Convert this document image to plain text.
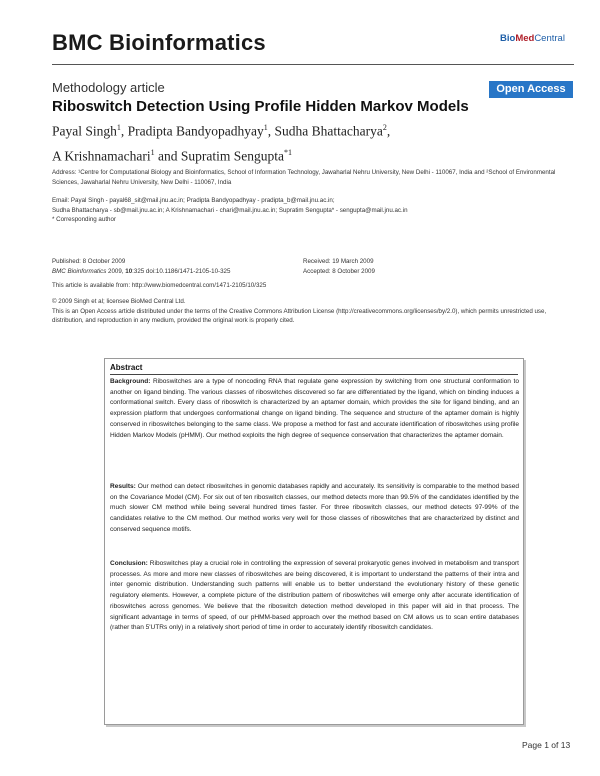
BMC Bioinformatics	BioMedCentral
Methodology article	Open Access
Riboswitch Detection Using Profile Hidden Markov Models
Payal Singh$^1$, Pradipta Bandyopadhyay$^1$, Sudha Bhattacharya$^2$,
A Krishnamachari$^1$ and Supratim Sengupta$^{*1}$
Address: ¹Centre for Computational Biology and Bioinformatics, School of Information Technology, Jawaharlal Nehru University, New Delhi - 110067, India and ²School of Environmental Sciences, Jawaharlal Nehru University, New Delhi - 110067, India
Email: Payal Singh - payal68_sit@mail.jnu.ac.in; Pradipta Bandyopadhyay - pradipta_b@mail.jnu.ac.in;
Sudha Bhattacharya - sb@mail.jnu.ac.in; A Krishnamachari - chari@mail.jnu.ac.in; Supratim Sengupta* - sengupta@mail.jnu.ac.in
* Corresponding author
Published: 8 October 2009
BMC Bioinformatics 2009, 10:325 doi:10.1186/1471-2105-10-325
Received: 19 March 2009
Accepted: 8 October 2009
This article is available from: http://www.biomedcentral.com/1471-2105/10/325
© 2009 Singh et al; licensee BioMed Central Ltd.
This is an Open Access article distributed under the terms of the Creative Commons Attribution License (http://creativecommons.org/licenses/by/2.0), which permits unrestricted use, distribution, and reproduction in any medium, provided the original work is properly cited.
Abstract
Background: Riboswitches are a type of noncoding RNA that regulate gene expression by switching from one structural conformation to another on ligand binding. The various classes of riboswitches discovered so far are differentiated by the ligand, which on binding induces a conformational switch. Every class of riboswitch is characterized by an aptamer domain, which provides the site for ligand binding, and an expression platform that undergoes conformational change on ligand binding. The sequence and structure of the aptamer domain is highly conserved in riboswitches belonging to the same class. We propose a method for fast and accurate identification of riboswitches using profile Hidden Markov Models (pHMM). Our method exploits the high degree of sequence conservation that characterizes the aptamer domain.
Results: Our method can detect riboswitches in genomic databases rapidly and accurately. Its sensitivity is comparable to the method based on the Covariance Model (CM). For six out of ten riboswitch classes, our method detects more than 99.5% of the candidates identified by the much slower CM method while being several hundred times faster. For three riboswitch classes, our method detects 97-99% of the candidates relative to the CM method. Our method works very well for those classes of riboswitches that are characterized by distinct and conserved sequence motifs.
Conclusion: Riboswitches play a crucial role in controlling the expression of several prokaryotic genes involved in metabolism and transport processes. As more and more new classes of riboswitches are being discovered, it is important to understand the patterns of their intra and inter genomic distribution. Understanding such patterns will enable us to better understand the evolutionary history of these genetic regulatory elements. However, a complete picture of the distribution pattern of riboswitches will emerge only after accurate identification of riboswitches across genomes. We believe that the riboswitch detection method developed in this paper will aid in that process. The significant advantage in terms of speed, of our pHMM-based approach over the method based on CM allows us to scan entire databases (rather than 5'UTRs only) in a relatively short period of time in order to accurately identify riboswitch candidates.
Page 1 of 13
